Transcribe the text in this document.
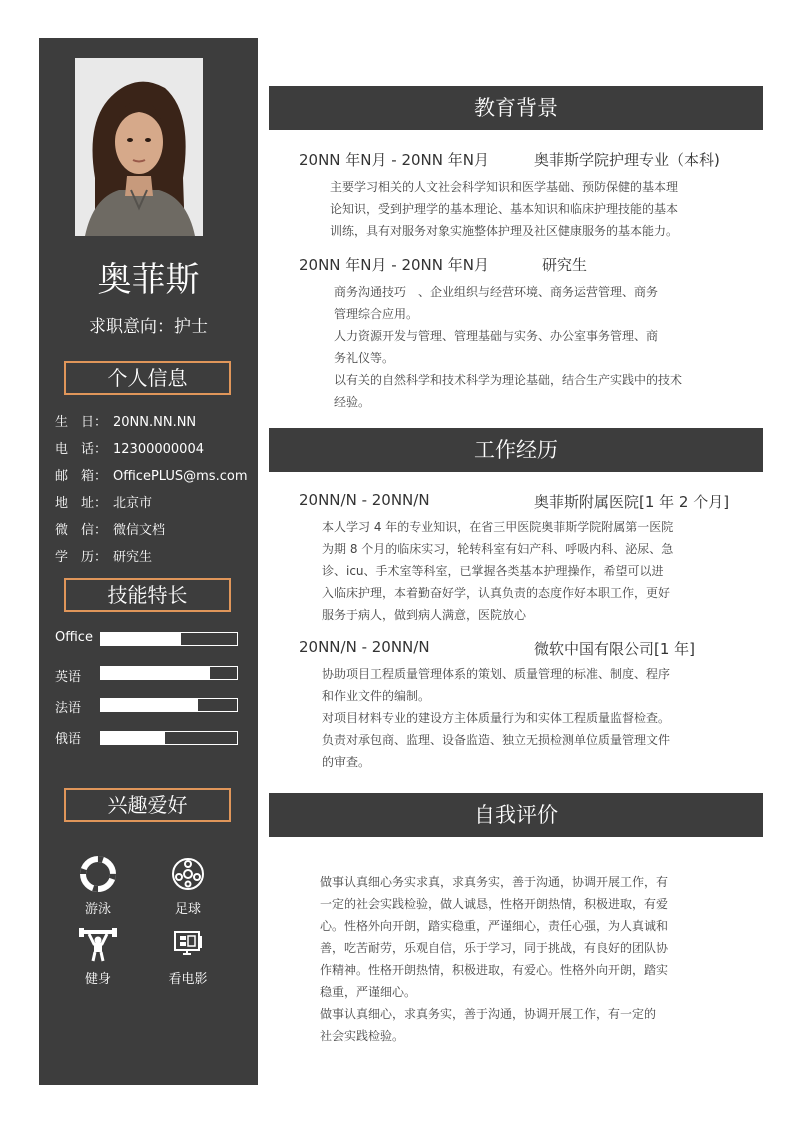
奥菲斯
求职意向：护士
个人信息
生　日： 20NN.NN.NN
电　话： 12300000004
邮　箱： OfficePLUS@ms.com
地　址： 北京市
微　信： 微信文档
学　历： 研究生
技能特长
Office
英语
法语
俄语
兴趣爱好
游泳	足球
健身	看电影
教育背景
20NN 年N月 - 20NN 年N月	奥菲斯学院护理专业（本科)

主要学习相关的人文社会科学知识和医学基础、预防保健的基本理

论知识，受到护理学的基本理论、基本知识和临床护理技能的基本

训练，具有对服务对象实施整体护理及社区健康服务的基本能力。

20NN 年N月 - 20NN 年N月	研究生

商务沟通技巧　、企业组织与经营环境、商务运营管理、商务

管理综合应用。

人力资源开发与管理、管理基础与实务、办公室事务管理、商

务礼仪等。

以有关的自然科学和技术科学为理论基础，结合生产实践中的技术

经验。

工作经历
20NN/N - 20NN/N	奥菲斯附属医院[1 年 2 个月]

本人学习 4 年的专业知识，在省三甲医院奥菲斯学院附属第一医院

为期 8 个月的临床实习，轮转科室有妇产科、呼吸内科、泌尿、急

诊、icu、手术室等科室，已掌握各类基本护理操作，希望可以进

入临床护理，本着勤奋好学，认真负责的态度作好本职工作，更好

服务于病人，做到病人满意，医院放心

20NN/N - 20NN/N	微软中国有限公司[1 年]

协助项目工程质量管理体系的策划、质量管理的标准、制度、程序

和作业文件的编制。

对项目材料专业的建设方主体质量行为和实体工程质量监督检查。

负责对承包商、监理、设备监造、独立无损检测单位质量管理文件

的审查。

自我评价

做事认真细心务实求真，求真务实，善于沟通，协调开展工作，有

一定的社会实践检验，做人诚恳，性格开朗热情，积极进取，有爱

心。性格外向开朗，踏实稳重，严谨细心，责任心强，为人真诚和

善，吃苦耐劳，乐观自信，乐于学习，同于挑战，有良好的团队协

作精神。性格开朗热情，积极进取，有爱心。性格外向开朗，踏实

稳重，严谨细心。

做事认真细心，求真务实，善于沟通，协调开展工作，有一定的

社会实践检验。
